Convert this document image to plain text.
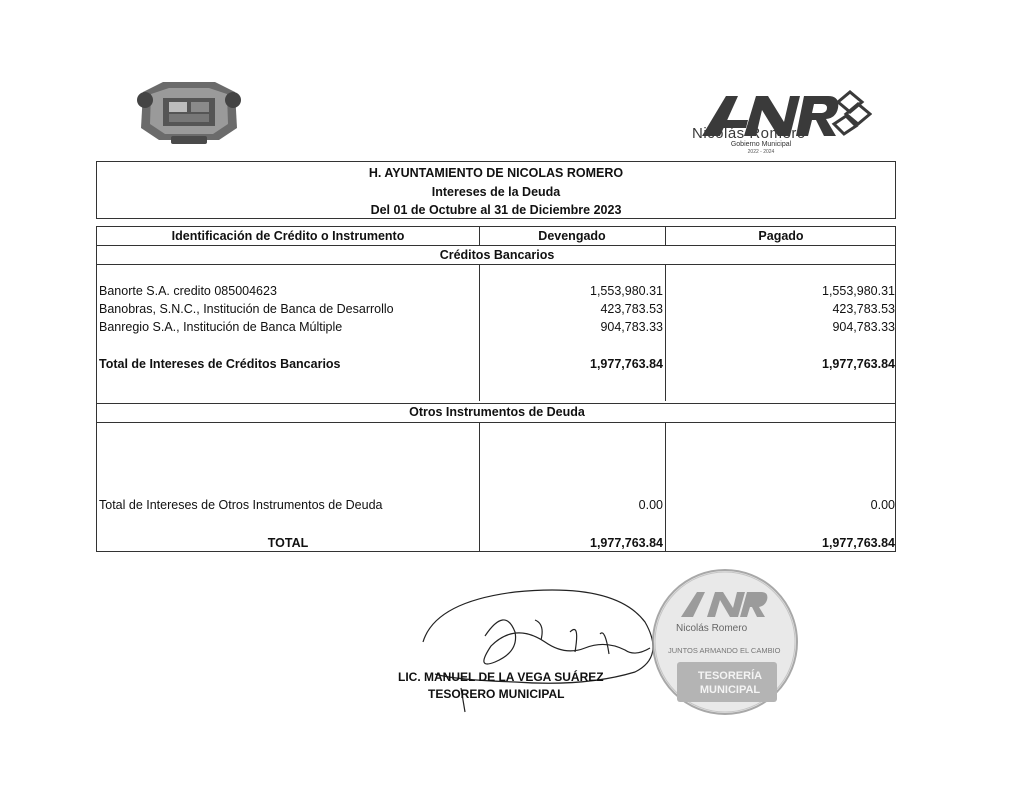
Nicolás Romero
Gobierno Municipal
2022 - 2024
H. AYUNTAMIENTO DE NICOLAS ROMERO
Intereses de la Deuda
Del 01 de Octubre al 31 de Diciembre 2023
Identificación de Crédito o Instrumento	Devengado	Pagado
Créditos Bancarios
Banorte S.A. credito 085004623	1,553,980.31	1,553,980.31
Banobras, S.N.C., Institución de Banca de Desarrollo	423,783.53	423,783.53
Banregio S.A., Institución de Banca Múltiple	904,783.33	904,783.33
Total de Intereses de Créditos Bancarios	1,977,763.84	1,977,763.84
Otros Instrumentos de Deuda
Total de Intereses de Otros Instrumentos de Deuda	0.00	0.00
TOTAL	1,977,763.84	1,977,763.84
Nicolás Romero
JUNTOS ARMANDO EL CAMBIO
TESORERÍA
MUNICIPAL
LIC. MANUEL DE LA VEGA SUÁREZ
TESORERO MUNICIPAL
